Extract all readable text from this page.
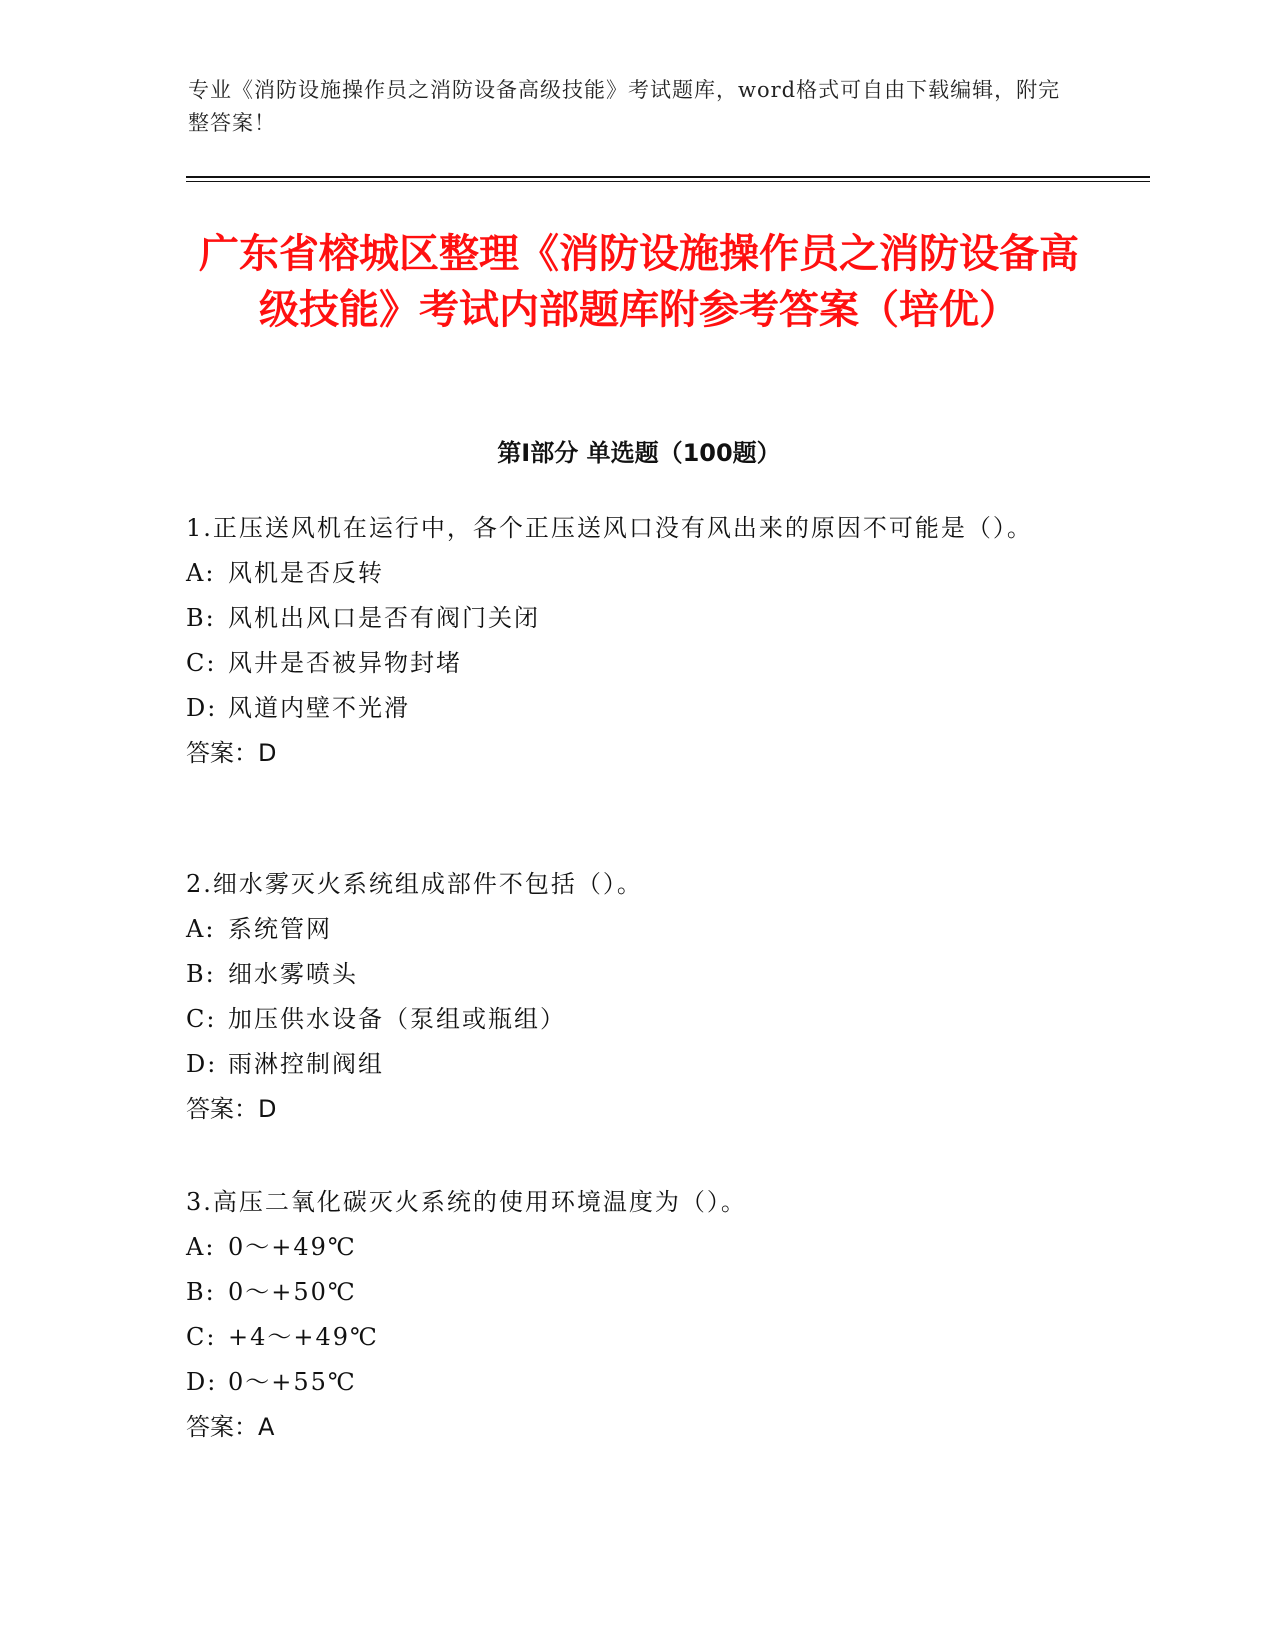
专业《消防设施操作员之消防设备高级技能》考试题库，word格式可自由下载编辑，附完整答案！
广东省榕城区整理《消防设施操作员之消防设备高级技能》考试内部题库附参考答案（培优）
第I部分 单选题（100题）
1.正压送风机在运行中，各个正压送风口没有风出来的原因不可能是（）。
A: 风机是否反转
B: 风机出风口是否有阀门关闭
C: 风井是否被异物封堵
D: 风道内壁不光滑
答案：D
2.细水雾灭火系统组成部件不包括（）。
A: 系统管网
B: 细水雾喷头
C: 加压供水设备（泵组或瓶组）
D: 雨淋控制阀组
答案：D
3.高压二氧化碳灭火系统的使用环境温度为（）。
A: 0～+49℃
B: 0～+50℃
C: +4～+49℃
D: 0～+55℃
答案：A
